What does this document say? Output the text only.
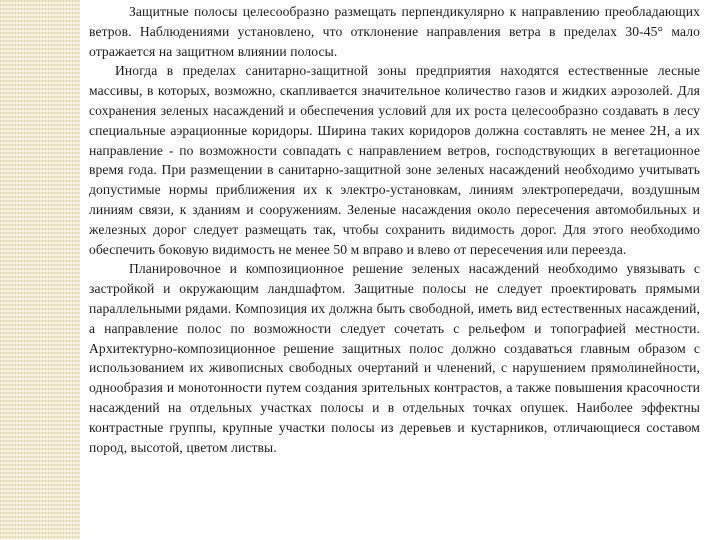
Защитные полосы целесообразно размещать перпендикулярно к направлению преобладающих ветров. Наблюдениями установлено, что отклонение направления ветра в пределах 30-45° мало отражается на защитном влиянии полосы.

Иногда в пределах санитарно-защитной зоны предприятия находятся естественные лесные массивы, в которых, возможно, скапливается значительное количество газов и жидких аэрозолей. Для сохранения зеленых насаждений и обеспечения условий для их роста целесообразно создавать в лесу специальные аэрационные коридоры. Ширина таких коридоров должна составлять не менее 2H, а их направление - по возможности совпадать с направлением ветров, господствующих в вегетационное время года. При размещении в санитарно-защитной зоне зеленых насаждений необходимо учитывать допустимые нормы приближения их к электро-установкам, линиям электропередачи, воздушным линиям связи, к зданиям и сооружениям. Зеленые насаждения около пересечения автомобильных и железных дорог следует размещать так, чтобы сохранить видимость дорог. Для этого необходимо обеспечить боковую видимость не менее 50 м вправо и влево от пересечения или переезда.

Планировочное и композиционное решение зеленых насаждений необходимо увязывать с застройкой и окружающим ландшафтом. Защитные полосы не следует проектировать прямыми параллельными рядами. Композиция их должна быть свободной, иметь вид естественных насаждений, а направление полос по возможности следует сочетать с рельефом и топографией местности. Архитектурно-композиционное решение защитных полос должно создаваться главным образом с использованием их живописных свободных очертаний и членений, с нарушением прямолинейности, однообразия и монотонности путем создания зрительных контрастов, а также повышения красочности насаждений на отдельных участках полосы и в отдельных точках опушек. Наиболее эффектны контрастные группы, крупные участки полосы из деревьев и кустарников, отличающиеся составом пород, высотой, цветом листвы.
